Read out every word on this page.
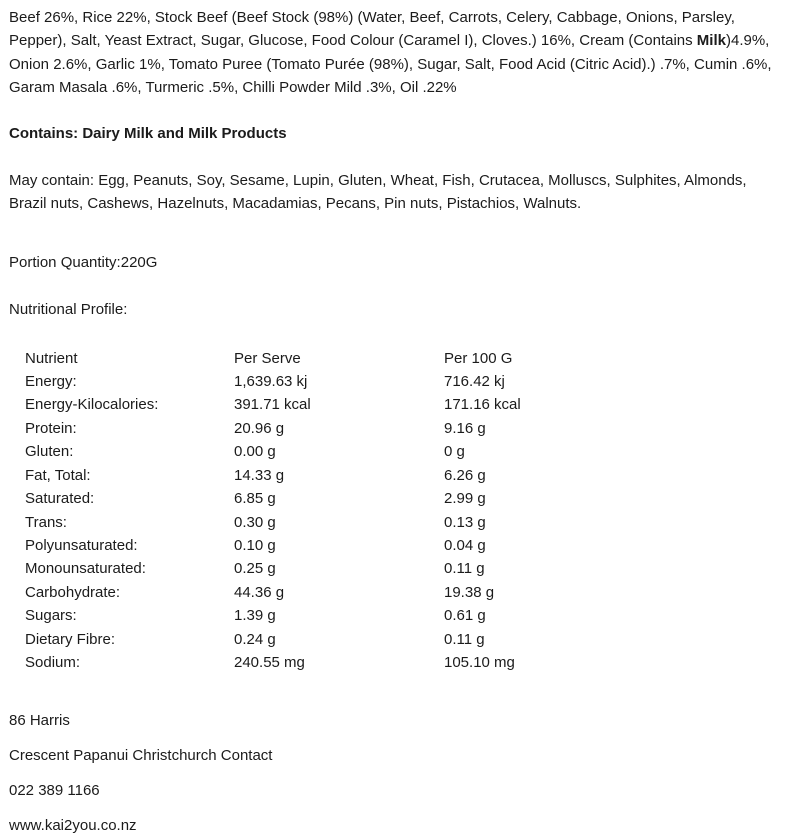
Beef 26%, Rice 22%, Stock Beef (Beef Stock (98%) (Water, Beef, Carrots, Celery, Cabbage, Onions, Parsley, Pepper), Salt, Yeast Extract, Sugar, Glucose, Food Colour (Caramel I), Cloves.) 16%, Cream (Contains Milk)4.9%, Onion 2.6%, Garlic 1%, Tomato Puree (Tomato Purée (98%), Sugar, Salt, Food Acid (Citric Acid).) .7%, Cumin .6%, Garam Masala .6%, Turmeric .5%, Chilli Powder Mild .3%, Oil .22%

Contains: Dairy Milk and Milk Products

May contain: Egg, Peanuts, Soy, Sesame, Lupin, Gluten, Wheat, Fish, Crutacea, Molluscs, Sulphites, Almonds, Brazil nuts, Cashews, Hazelnuts, Macadamias, Pecans, Pin nuts, Pistachios, Walnuts.

Portion Quantity:220G

Nutritional Profile:

Nutrient	Per Serve	Per 100 G
Energy:	1,639.63 kj	716.42 kj
Energy-Kilocalories:	391.71 kcal	171.16 kcal
Protein:	20.96 g	9.16 g
Gluten:	0.00 g	0 g
Fat, Total:	14.33 g	6.26 g
Saturated:	6.85 g	2.99 g
Trans:	0.30 g	0.13 g
Polyunsaturated:	0.10 g	0.04 g
Monounsaturated:	0.25 g	0.11 g
Carbohydrate:	44.36 g	19.38 g
Sugars:	1.39 g	0.61 g
Dietary Fibre:	0.24 g	0.11 g
Sodium:	240.55 mg	105.10 mg

86 Harris

Crescent Papanui Christchurch Contact

022 389 1166

www.kai2you.co.nz
